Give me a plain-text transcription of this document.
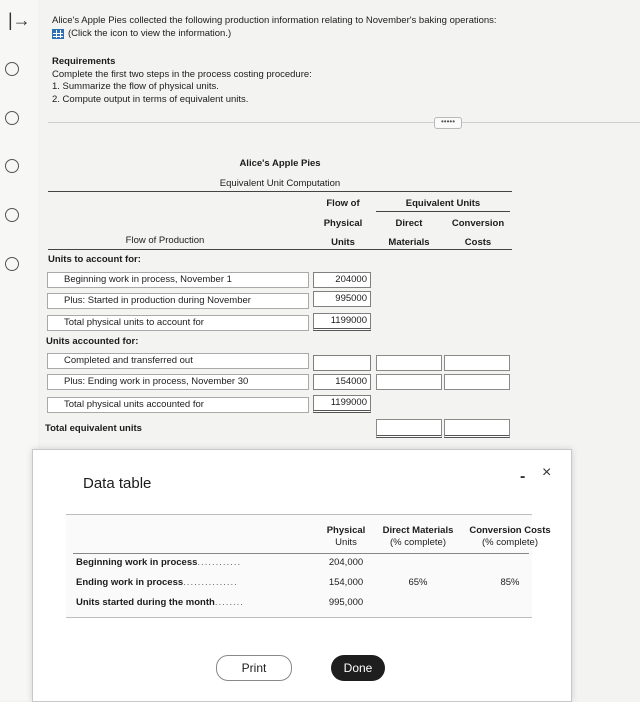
|→ Alice's Apple Pies collected the following production information relating to November's baking operations:
(Click the icon to view the information.)
Requirements
Complete the first two steps in the process costing procedure:
1. Summarize the flow of physical units.
2. Compute output in terms of equivalent units.
•••••
Alice's Apple Pies
Equivalent Unit Computation
Flow of
Physical
Units
Equivalent Units
Direct
Materials
Conversion
Costs
Flow of Production
Units to account for:
Beginning work in process, November 1	204000
Plus: Started in production during November	995000
Total physical units to account for	1199000
Units accounted for:
Completed and transferred out
Plus: Ending work in process, November 30	154000
Total physical units accounted for	1199000
Total equivalent units
Data table	- ×
Physical
Units
Direct Materials
(% complete)
Conversion Costs
(% complete)
Beginning work in process............	204,000
Ending work in process...............	154,000	65%	85%
Units started during the month........	995,000
Print	Done
